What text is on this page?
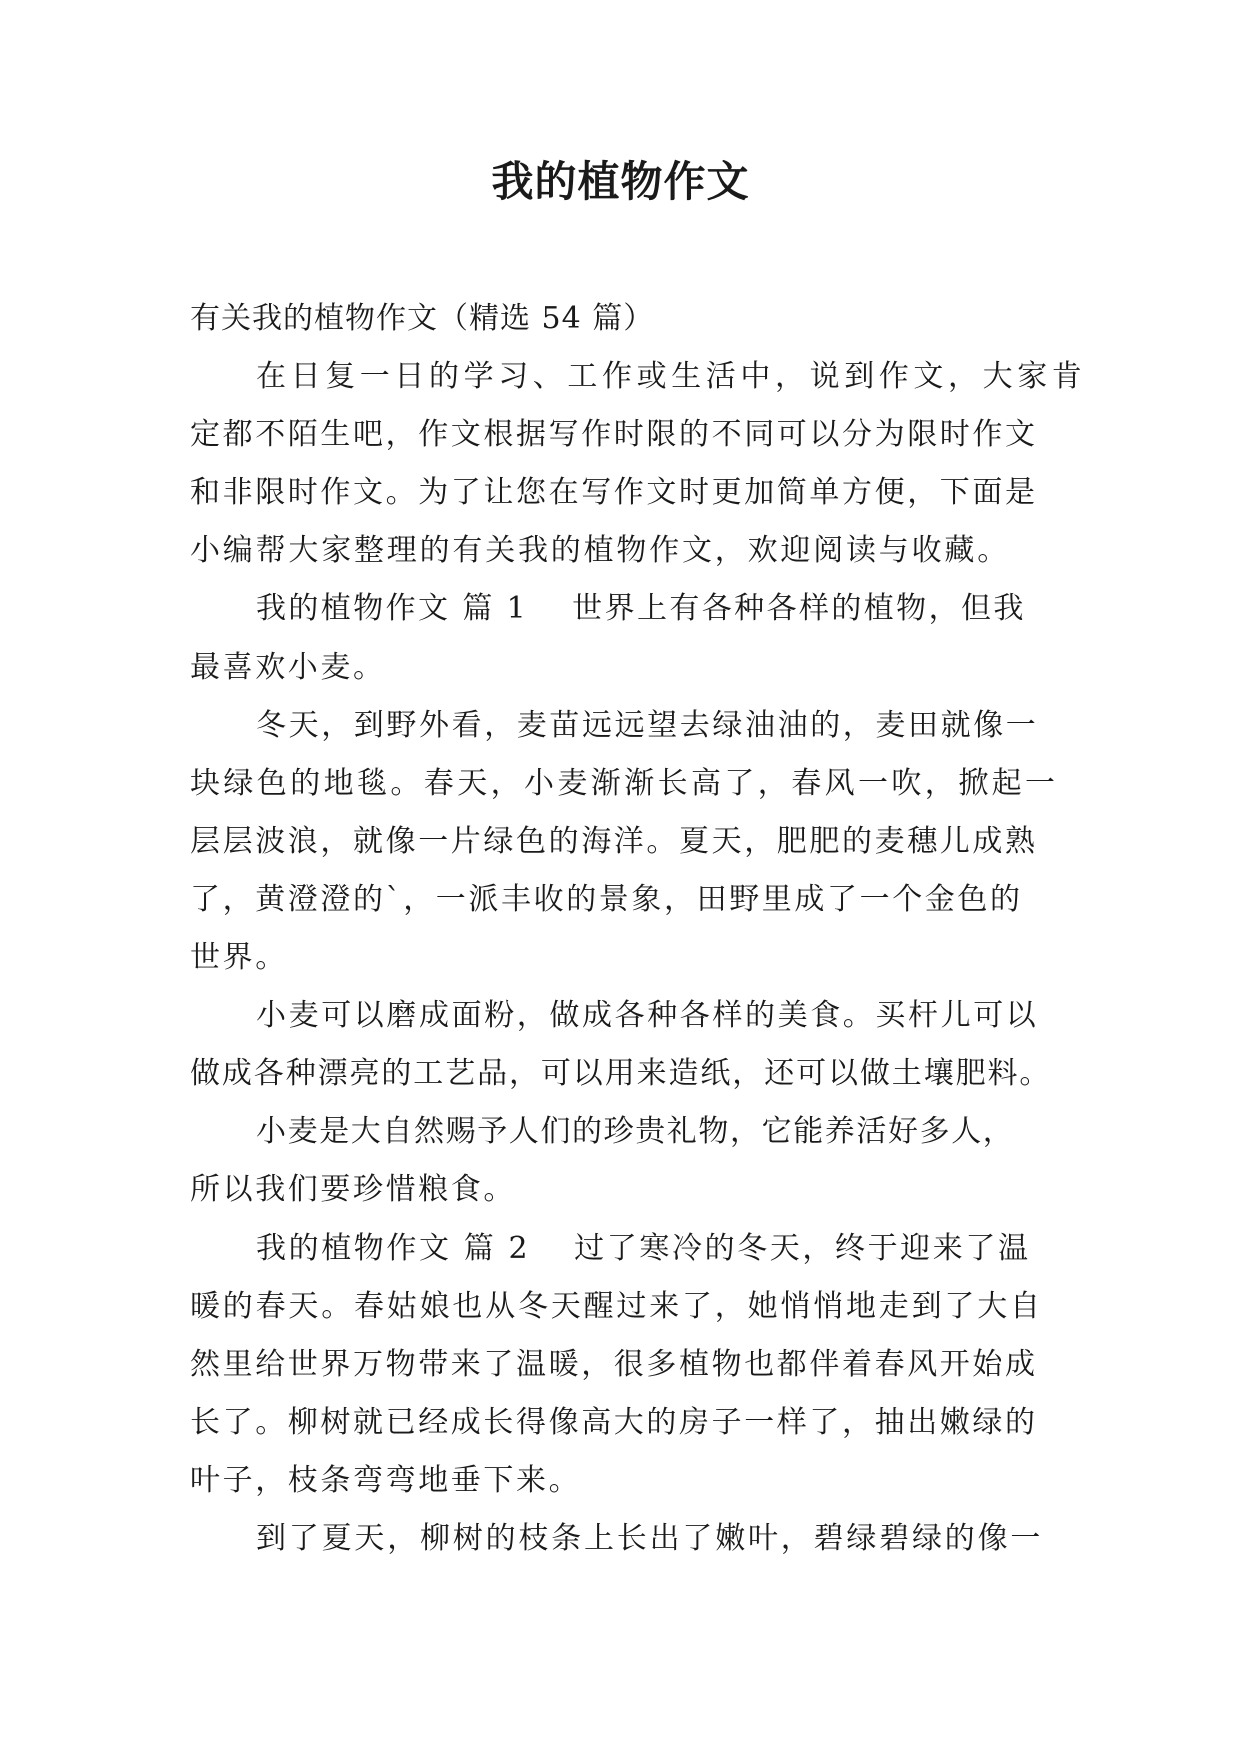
我的植物作文
有关我的植物作文（精选 54 篇）
在日复一日的学习、工作或生活中，说到作文，大家肯
定都不陌生吧，作文根据写作时限的不同可以分为限时作文
和非限时作文。为了让您在写作文时更加简单方便，下面是
小编帮大家整理的有关我的植物作文，欢迎阅读与收藏。
我的植物作文 篇 1 世界上有各种各样的植物，但我
最喜欢小麦。
冬天，到野外看，麦苗远远望去绿油油的，麦田就像一
块绿色的地毯。春天，小麦渐渐长高了，春风一吹，掀起一
层层波浪，就像一片绿色的海洋。夏天，肥肥的麦穗儿成熟
了，黄澄澄的`，一派丰收的景象，田野里成了一个金色的
世界。
小麦可以磨成面粉，做成各种各样的美食。买杆儿可以
做成各种漂亮的工艺品，可以用来造纸，还可以做土壤肥料。
小麦是大自然赐予人们的珍贵礼物，它能养活好多人，
所以我们要珍惜粮食。
我的植物作文 篇 2 过了寒冷的冬天，终于迎来了温
暖的春天。春姑娘也从冬天醒过来了，她悄悄地走到了大自
然里给世界万物带来了温暖，很多植物也都伴着春风开始成
长了。柳树就已经成长得像高大的房子一样了，抽出嫩绿的
叶子，枝条弯弯地垂下来。
到了夏天，柳树的枝条上长出了嫩叶，碧绿碧绿的像一
